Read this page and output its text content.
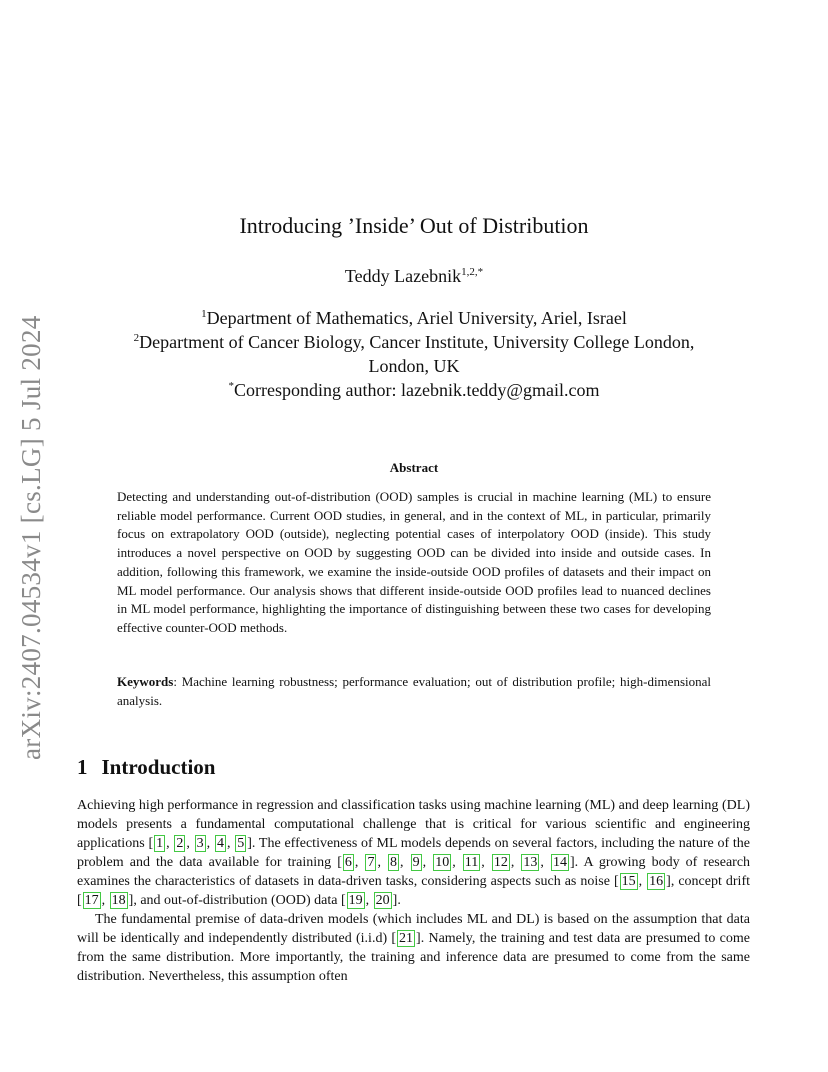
arXiv:2407.04534v1 [cs.LG] 5 Jul 2024
Introducing ’Inside’ Out of Distribution
Teddy Lazebnik$^{1,2,*}$
$^1$Department of Mathematics, Ariel University, Ariel, Israel
$^2$Department of Cancer Biology, Cancer Institute, University College London, London, UK
*Corresponding author: lazebnik.teddy@gmail.com
Abstract
Detecting and understanding out-of-distribution (OOD) samples is crucial in machine learning (ML) to ensure reliable model performance. Current OOD studies, in general, and in the context of ML, in particular, primarily focus on extrapolatory OOD (outside), neglecting potential cases of interpolatory OOD (inside). This study introduces a novel perspective on OOD by suggesting OOD can be divided into inside and outside cases. In addition, following this framework, we examine the inside-outside OOD profiles of datasets and their impact on ML model performance. Our analysis shows that different inside-outside OOD profiles lead to nuanced declines in ML model performance, highlighting the importance of distinguishing between these two cases for developing effective counter-OOD methods.
Keywords: Machine learning robustness; performance evaluation; out of distribution profile; high-dimensional analysis.
1 Introduction

Achieving high performance in regression and classification tasks using machine learning (ML) and deep learning (DL) models presents a fundamental computational challenge that is critical for various scientific and engineering applications [ 1 , 2 , 3 , 4 , 5 ]. The effectiveness of ML models depends on several factors, including the nature of the problem and the data available for training [ 6 , 7 , 8 , 9 , 10 , 11 , 12 , 13 , 14 ]. A growing body of research examines the characteristics of datasets in data-driven tasks, considering aspects such as noise [ 15 , 16 ], concept drift [ 17 , 18 ], and out-of-distribution (OOD) data [ 19 , 20 ].

The fundamental premise of data-driven models (which includes ML and DL) is based on the assumption that data will be identically and independently distributed (i.i.d) [ 21 ]. Namely, the training and test data are presumed to come from the same distribution. More importantly, the training and inference data are presumed to come from the same distribution. Nevertheless, this assumption often
